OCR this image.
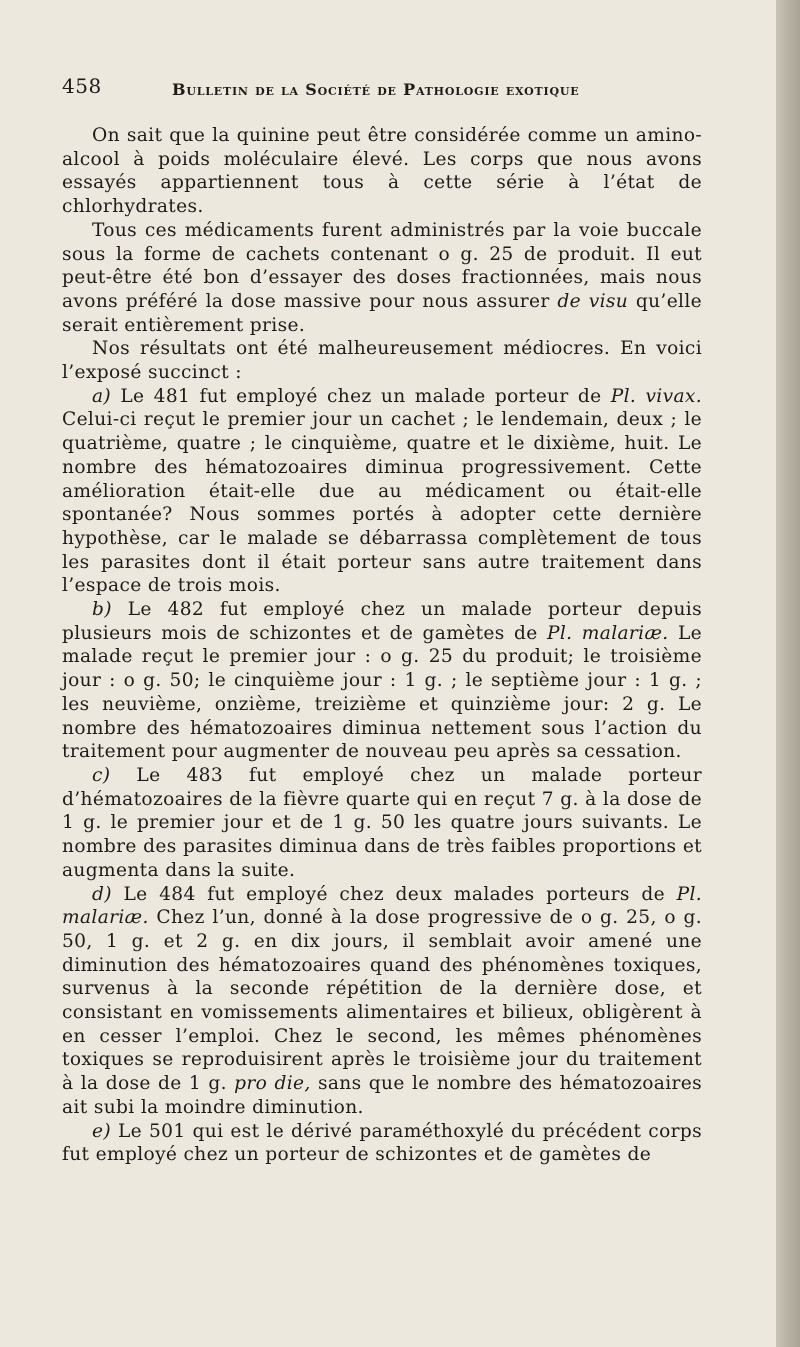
458	Bulletin de la Société de Pathologie exotique

On sait que la quinine peut être considérée comme un amino-alcool à poids moléculaire élevé. Les corps que nous avons essayés appartiennent tous à cette série à l’état de chlorhydrates.

Tous ces médicaments furent administrés par la voie buccale sous la forme de cachets contenant o g. 25 de produit. Il eut peut-être été bon d’essayer des doses fractionnées, mais nous avons préféré la dose massive pour nous assurer de visu qu’elle serait entièrement prise.

Nos résultats ont été malheureusement médiocres. En voici l’exposé succinct :

a) Le 481 fut employé chez un malade porteur de Pl. vivax. Celui-ci reçut le premier jour un cachet ; le lendemain, deux ; le quatrième, quatre ; le cinquième, quatre et le dixième, huit. Le nombre des hématozoaires diminua progressivement. Cette amélioration était-elle due au médicament ou était-elle spontanée? Nous sommes portés à adopter cette dernière hypothèse, car le malade se débarrassa complètement de tous les parasites dont il était porteur sans autre traitement dans l’espace de trois mois.

b) Le 482 fut employé chez un malade porteur depuis plusieurs mois de schizontes et de gamètes de Pl. malariæ. Le malade reçut le premier jour : o g. 25 du produit; le troisième jour : o g. 50; le cinquième jour : 1 g. ; le septième jour : 1 g. ; les neuvième, onzième, treizième et quinzième jour: 2 g. Le nombre des hématozoaires diminua nettement sous l’action du traitement pour augmenter de nouveau peu après sa cessation.

c) Le 483 fut employé chez un malade porteur d’hématozoaires de la fièvre quarte qui en reçut 7 g. à la dose de 1 g. le premier jour et de 1 g. 50 les quatre jours suivants. Le nombre des parasites diminua dans de très faibles proportions et augmenta dans la suite.

d) Le 484 fut employé chez deux malades porteurs de Pl. malariæ. Chez l’un, donné à la dose progressive de o g. 25, o g. 50, 1 g. et 2 g. en dix jours, il semblait avoir amené une diminution des hématozoaires quand des phénomènes toxiques, survenus à la seconde répétition de la dernière dose, et consistant en vomissements alimentaires et bilieux, obligèrent à en cesser l’emploi. Chez le second, les mêmes phénomènes toxiques se reproduisirent après le troisième jour du traitement à la dose de 1 g. pro die, sans que le nombre des hématozoaires ait subi la moindre diminution.

e) Le 501 qui est le dérivé paraméthoxylé du précédent corps fut employé chez un porteur de schizontes et de gamètes de
